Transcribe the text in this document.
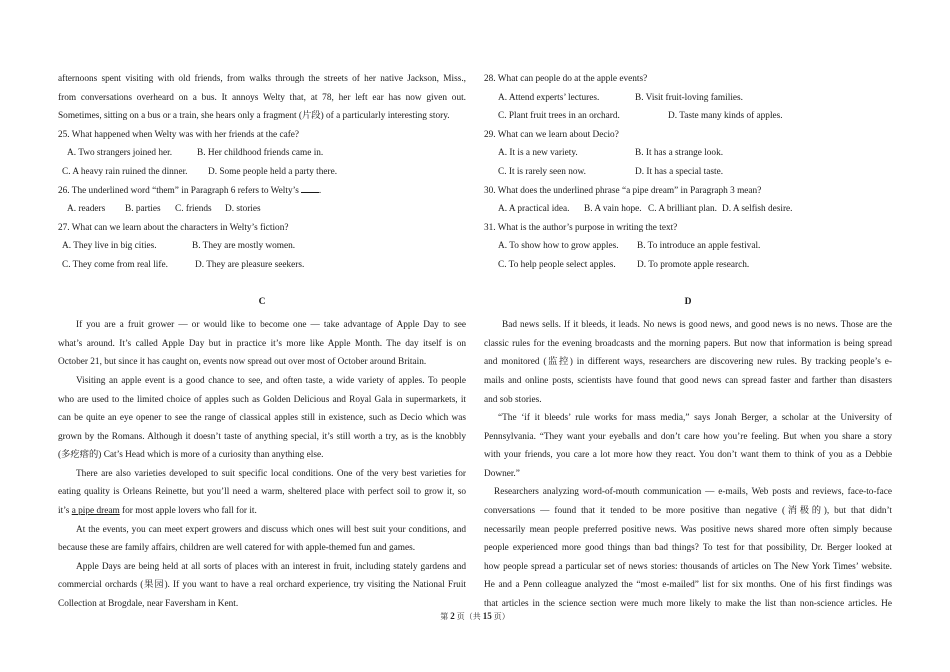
afternoons spent visiting with old friends, from walks through the streets of her native Jackson, Miss.,
from conversations overheard on a bus. It annoys Welty that, at 78, her left ear has now given out.
Sometimes, sitting on a bus or a train, she hears only a fragment (片段) of a particularly interesting story.
25. What happened when Welty was with her friends at the cafe?
A. Two strangers joined her.	B. Her childhood friends came in.
C. A heavy rain ruined the dinner.	D. Some people held a party there.
26. The underlined word “them” in Paragraph 6 refers to Welty’s .
A. readers	B. parties	C. friends	D. stories
27. What can we learn about the characters in Welty’s fiction?
A. They live in big cities.	B. They are mostly women.
C. They come from real life.	D. They are pleasure seekers.
C
If you are a fruit grower — or would like to become one — take advantage of Apple Day to see
what’s around. It’s called Apple Day but in practice it’s more like Apple Month. The day itself is on
October 21, but since it has caught on, events now spread out over most of October around Britain.
Visiting an apple event is a good chance to see, and often taste, a wide variety of apples. To people
who are used to the limited choice of apples such as Golden Delicious and Royal Gala in supermarkets, it
can be quite an eye opener to see the range of classical apples still in existence, such as Decio which was
grown by the Romans. Although it doesn’t taste of anything special, it’s still worth a try, as is the knobbly
(多疙瘩的) Cat’s Head which is more of a curiosity than anything else.
There are also varieties developed to suit specific local conditions. One of the very best varieties for
eating quality is Orleans Reinette, but you’ll need a warm, sheltered place with perfect soil to grow it, so
it’s a pipe dream for most apple lovers who fall for it.
At the events, you can meet expert growers and discuss which ones will best suit your conditions, and
because these are family affairs, children are well catered for with apple-themed fun and games.
Apple Days are being held at all sorts of places with an interest in fruit, including stately gardens and
commercial orchards (果园). If you want to have a real orchard experience, try visiting the National Fruit
Collection at Brogdale, near Faversham in Kent.
28. What can people do at the apple events?
A. Attend experts’ lectures.	B. Visit fruit-loving families.
C. Plant fruit trees in an orchard.	D. Taste many kinds of apples.
29. What can we learn about Decio?
A. It is a new variety.	B. It has a strange look.
C. It is rarely seen now.	D. It has a special taste.
30. What does the underlined phrase “a pipe dream” in Paragraph 3 mean?
A. A practical idea.	B. A vain hope. C. A brilliant plan. D. A selfish desire.
31. What is the author’s purpose in writing the text?
A. To show how to grow apples.	B. To introduce an apple festival.
C. To help people select apples.	D. To promote apple research.
D
Bad news sells. If it bleeds, it leads. No news is good news, and good news is no news. Those are the
classic rules for the evening broadcasts and the morning papers. But now that information is being spread
and monitored (监控) in different ways, researchers are discovering new rules. By tracking people’s e-
mails and online posts, scientists have found that good news can spread faster and farther than disasters
and sob stories.
“The ‘if it bleeds’ rule works for mass media,” says Jonah Berger, a scholar at the University of
Pennsylvania. “They want your eyeballs and don’t care how you’re feeling. But when you share a story
with your friends, you care a lot more how they react. You don’t want them to think of you as a Debbie
Downer.”
Researchers analyzing word-of-mouth communication — e-mails, Web posts and reviews, face-to-face
conversations — found that it tended to be more positive than negative (消极的), but that didn’t
necessarily mean people preferred positive news. Was positive news shared more often simply because
people experienced more good things than bad things? To test for that possibility, Dr. Berger looked at
how people spread a particular set of news stories: thousands of articles on The New York Times’ website.
He and a Penn colleague analyzed the “most e-mailed” list for six months. One of his first findings was
that articles in the science section were much more likely to make the list than non-science articles. He
第 2 页（共 15 页）
